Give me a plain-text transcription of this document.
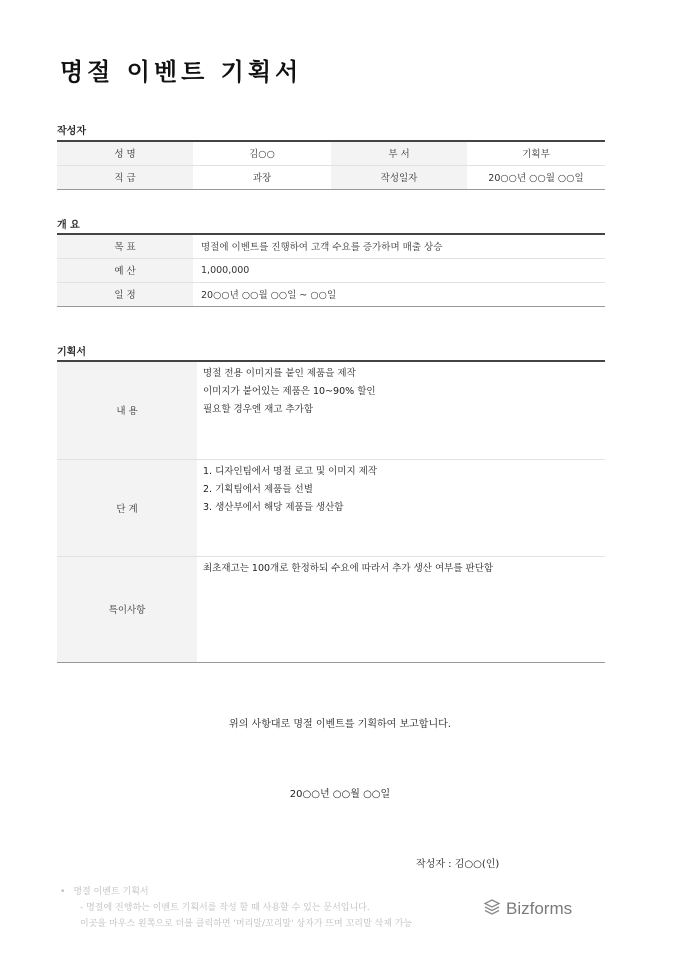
명절 이벤트 기획서
작성자
성 명	김○○	부 서	기획부
직 급	과장	작성일자	20○○년 ○○월 ○○일
개 요
목 표	명절에 이벤트를 진행하여 고객 수요를 증가하며 매출 상승
예 산	1,000,000
일 정	20○○년 ○○월 ○○일 ~ ○○일
기획서
내 용	명절 전용 이미지를 붙인 제품을 제작
이미지가 붙어있는 제품은 10~90% 할인
필요할 경우엔 재고 추가함

단 계	1. 디자인팀에서 명절 로고 및 이미지 제작
2. 기획팀에서 제품들 선별
3. 생산부에서 해당 제품들 생산함

특이사항	최초재고는 100개로 한정하되 수요에 따라서 추가 생산 여부를 판단함
위의 사항대로 명절 이벤트를 기획하여 보고합니다.
20○○년 ○○월 ○○일
작성자 : 김○○(인)
• 명절 이벤트 기획서
- 명절에 진행하는 이벤트 기획서를 작성 할 때 사용할 수 있는 문서입니다.
이곳을 마우스 왼쪽으로 더블 클릭하면 '머리말/꼬리말' 상자가 뜨며 꼬리말 삭제 가능
Bizforms
